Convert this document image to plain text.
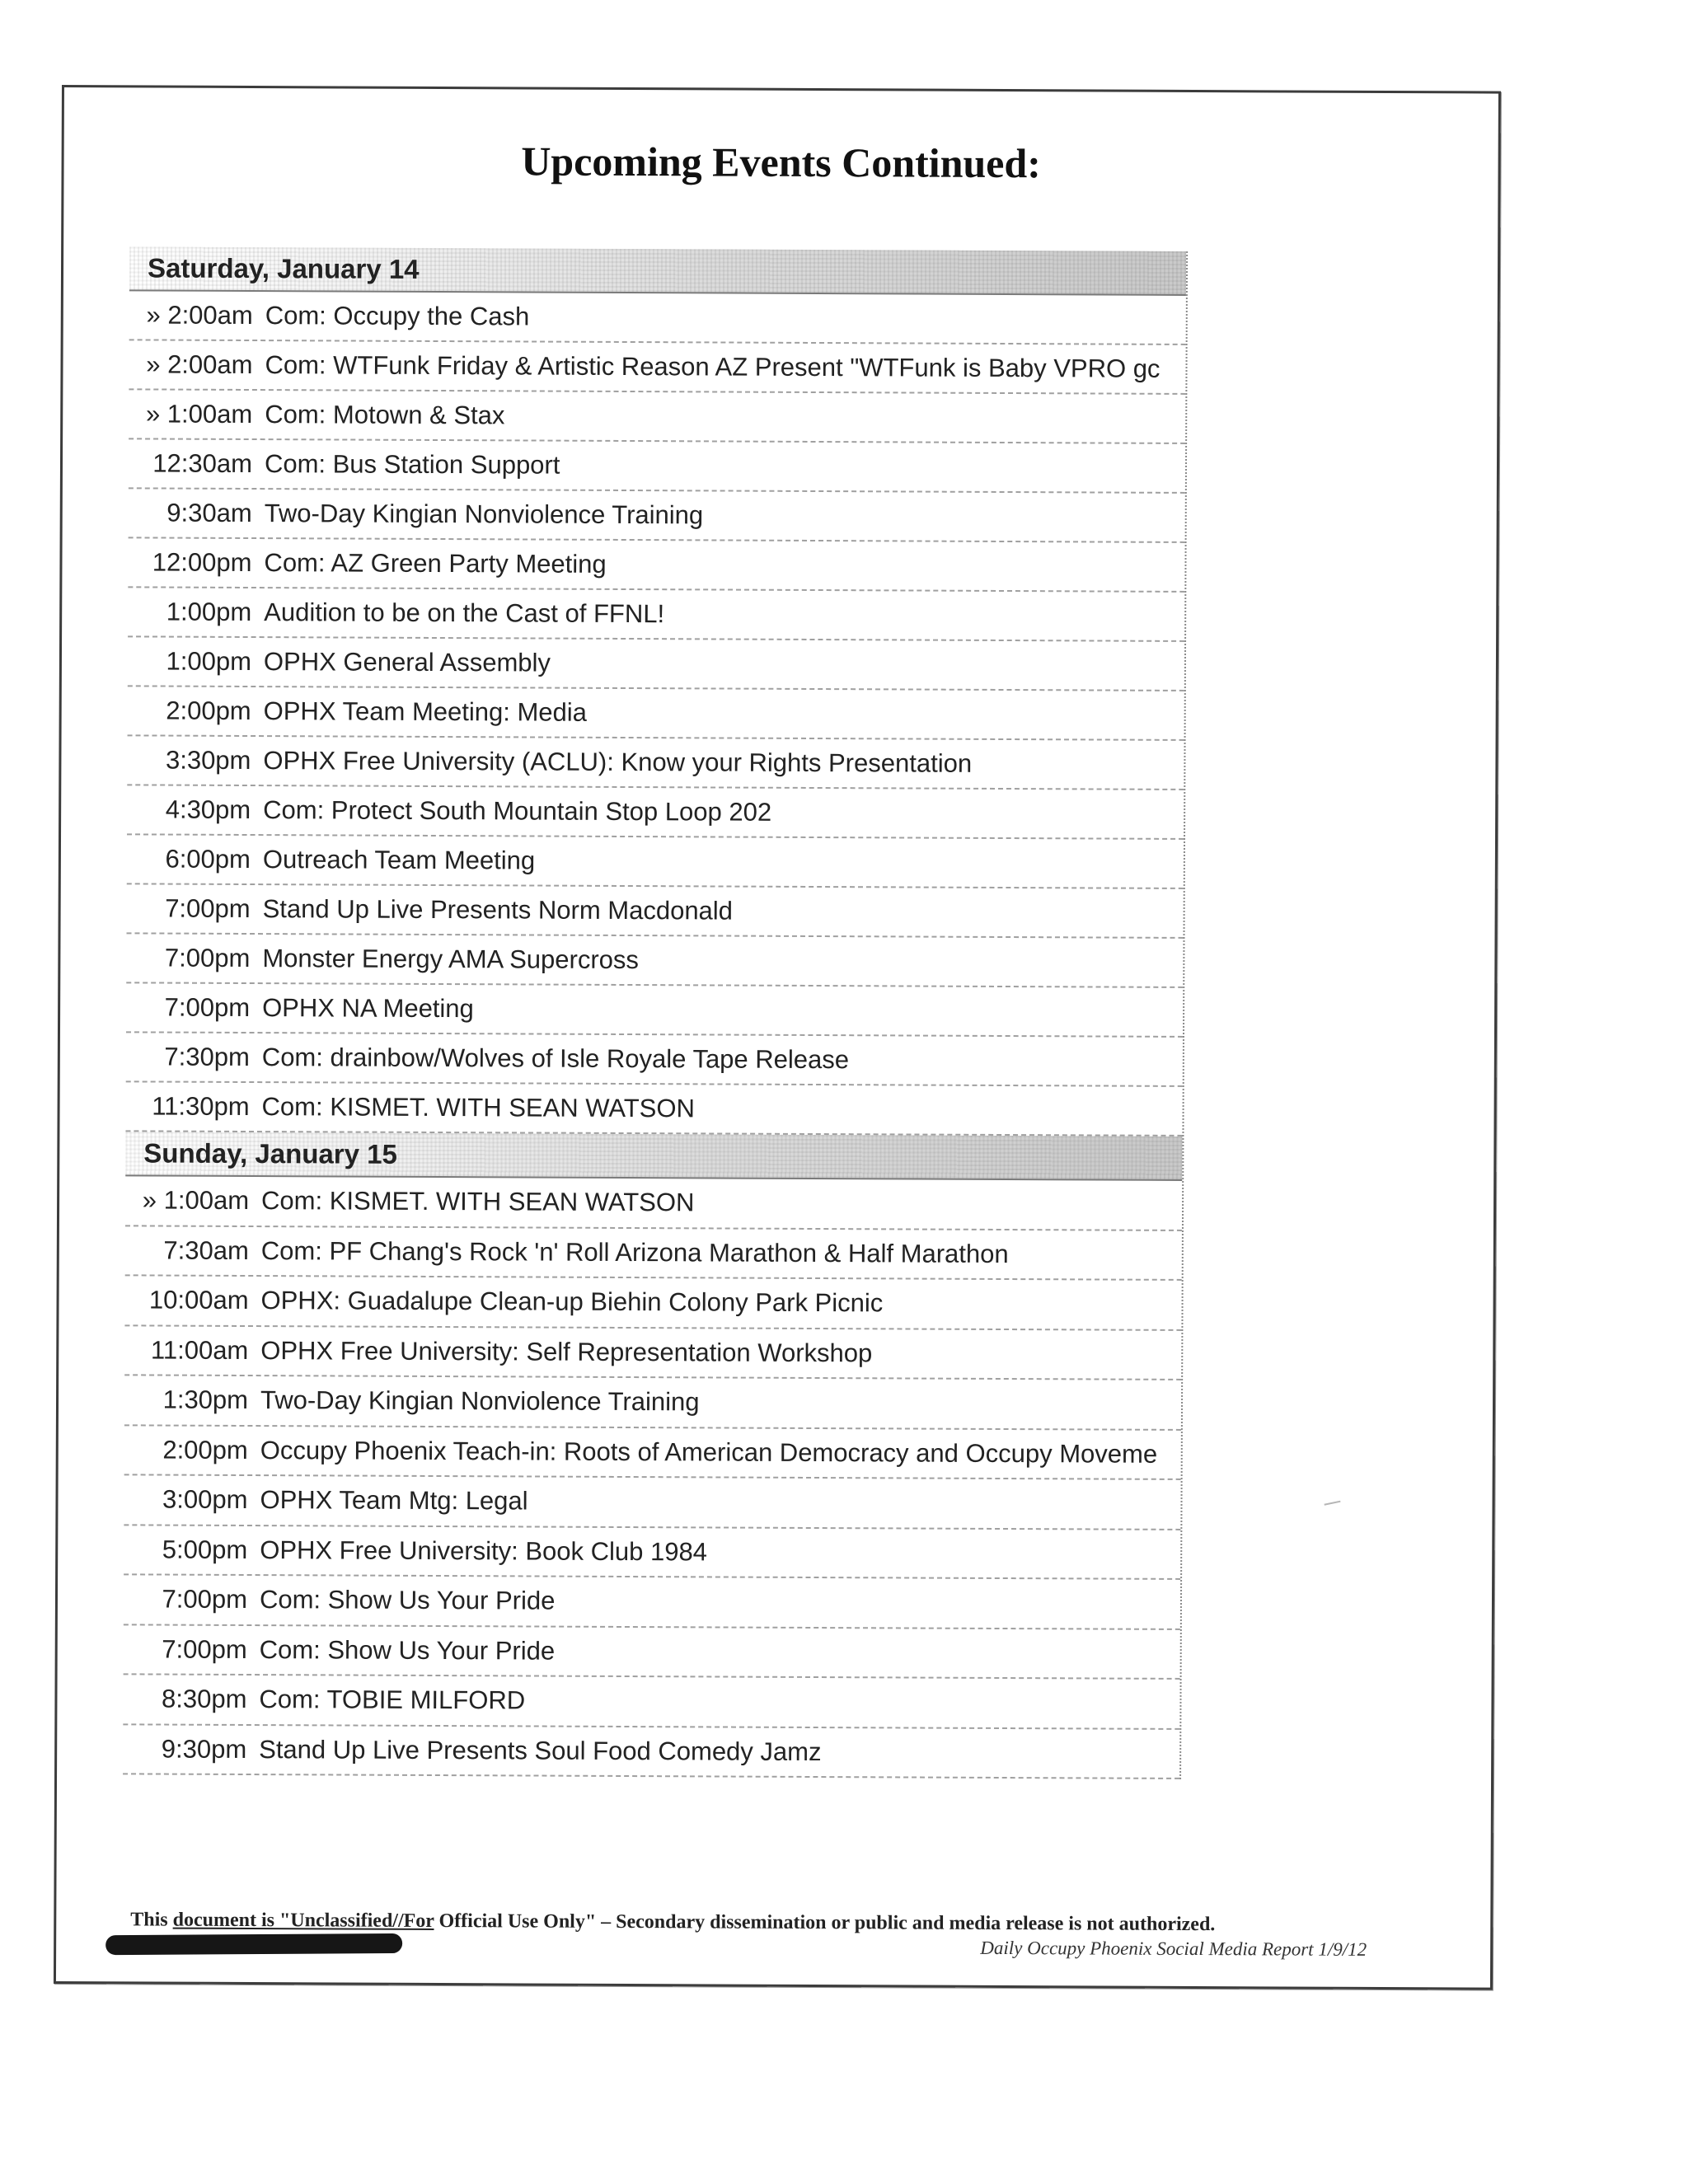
Upcoming Events Continued:
Saturday, January 14
» 2:00am Com: Occupy the Cash
» 2:00am Com: WTFunk Friday & Artistic Reason AZ Present "WTFunk is Baby VPRO gc
» 1:00am Com: Motown & Stax
12:30am Com: Bus Station Support
9:30am Two-Day Kingian Nonviolence Training
12:00pm Com: AZ Green Party Meeting
1:00pm Audition to be on the Cast of FFNL!
1:00pm OPHX General Assembly
2:00pm OPHX Team Meeting: Media
3:30pm OPHX Free University (ACLU): Know your Rights Presentation
4:30pm Com: Protect South Mountain Stop Loop 202
6:00pm Outreach Team Meeting
7:00pm Stand Up Live Presents Norm Macdonald
7:00pm Monster Energy AMA Supercross
7:00pm OPHX NA Meeting
7:30pm Com: drainbow/Wolves of Isle Royale Tape Release
11:30pm Com: KISMET. WITH SEAN WATSON
Sunday, January 15
» 1:00am Com: KISMET. WITH SEAN WATSON
7:30am Com: PF Chang's Rock 'n' Roll Arizona Marathon & Half Marathon
10:00am OPHX: Guadalupe Clean-up Biehin Colony Park Picnic
11:00am OPHX Free University: Self Representation Workshop
1:30pm Two-Day Kingian Nonviolence Training
2:00pm Occupy Phoenix Teach-in: Roots of American Democracy and Occupy Moveme
3:00pm OPHX Team Mtg: Legal
5:00pm OPHX Free University: Book Club 1984
7:00pm Com: Show Us Your Pride
7:00pm Com: Show Us Your Pride
8:30pm Com: TOBIE MILFORD
9:30pm Stand Up Live Presents Soul Food Comedy Jamz
This document is "Unclassified//For Official Use Only" – Secondary dissemination or public and media release is not authorized.
Daily Occupy Phoenix Social Media Report 1/9/12
